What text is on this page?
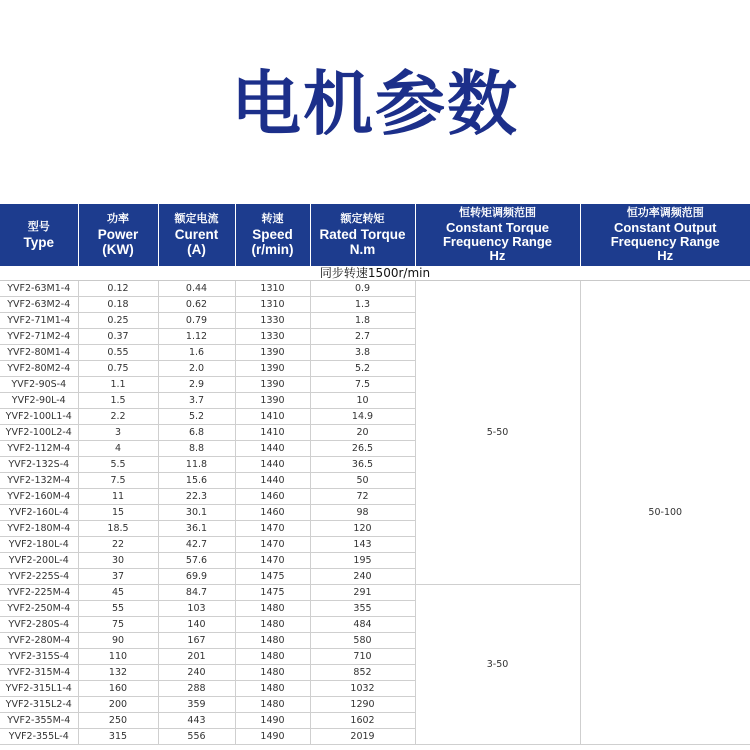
电机参数
型号
Type	功率
Power
(KW)	额定电流
Curent
(A)	转速
Speed
(r/min)	额定转矩
Rated Torque
N.m	恒转矩调频范围
Constant Torque
Frequency Range
Hz	恒功率调频范围
Constant Output
Frequency Range
Hz

同步转速1500r/min						
YVF2-63M1-4	0.12	0.44	1310	0.9	5-50	50-100
YVF2-63M2-4	0.18	0.62	1310	1.3		
YVF2-71M1-4	0.25	0.79	1330	1.8		
YVF2-71M2-4	0.37	1.12	1330	2.7		
YVF2-80M1-4	0.55	1.6	1390	3.8		
YVF2-80M2-4	0.75	2.0	1390	5.2		
YVF2-90S-4	1.1	2.9	1390	7.5		
YVF2-90L-4	1.5	3.7	1390	10		
YVF2-100L1-4	2.2	5.2	1410	14.9		
YVF2-100L2-4	3	6.8	1410	20		
YVF2-112M-4	4	8.8	1440	26.5		
YVF2-132S-4	5.5	11.8	1440	36.5		
YVF2-132M-4	7.5	15.6	1440	50		
YVF2-160M-4	11	22.3	1460	72		
YVF2-160L-4	15	30.1	1460	98		
YVF2-180M-4	18.5	36.1	1470	120		
YVF2-180L-4	22	42.7	1470	143		
YVF2-200L-4	30	57.6	1470	195		
YVF2-225S-4	37	69.9	1475	240		
YVF2-225M-4	45	84.7	1475	291	3-50	
YVF2-250M-4	55	103	1480	355		
YVF2-280S-4	75	140	1480	484		
YVF2-280M-4	90	167	1480	580		
YVF2-315S-4	110	201	1480	710		
YVF2-315M-4	132	240	1480	852		
YVF2-315L1-4	160	288	1480	1032		
YVF2-315L2-4	200	359	1480	1290		
YVF2-355M-4	250	443	1490	1602		
YVF2-355L-4	315	556	1490	2019		
